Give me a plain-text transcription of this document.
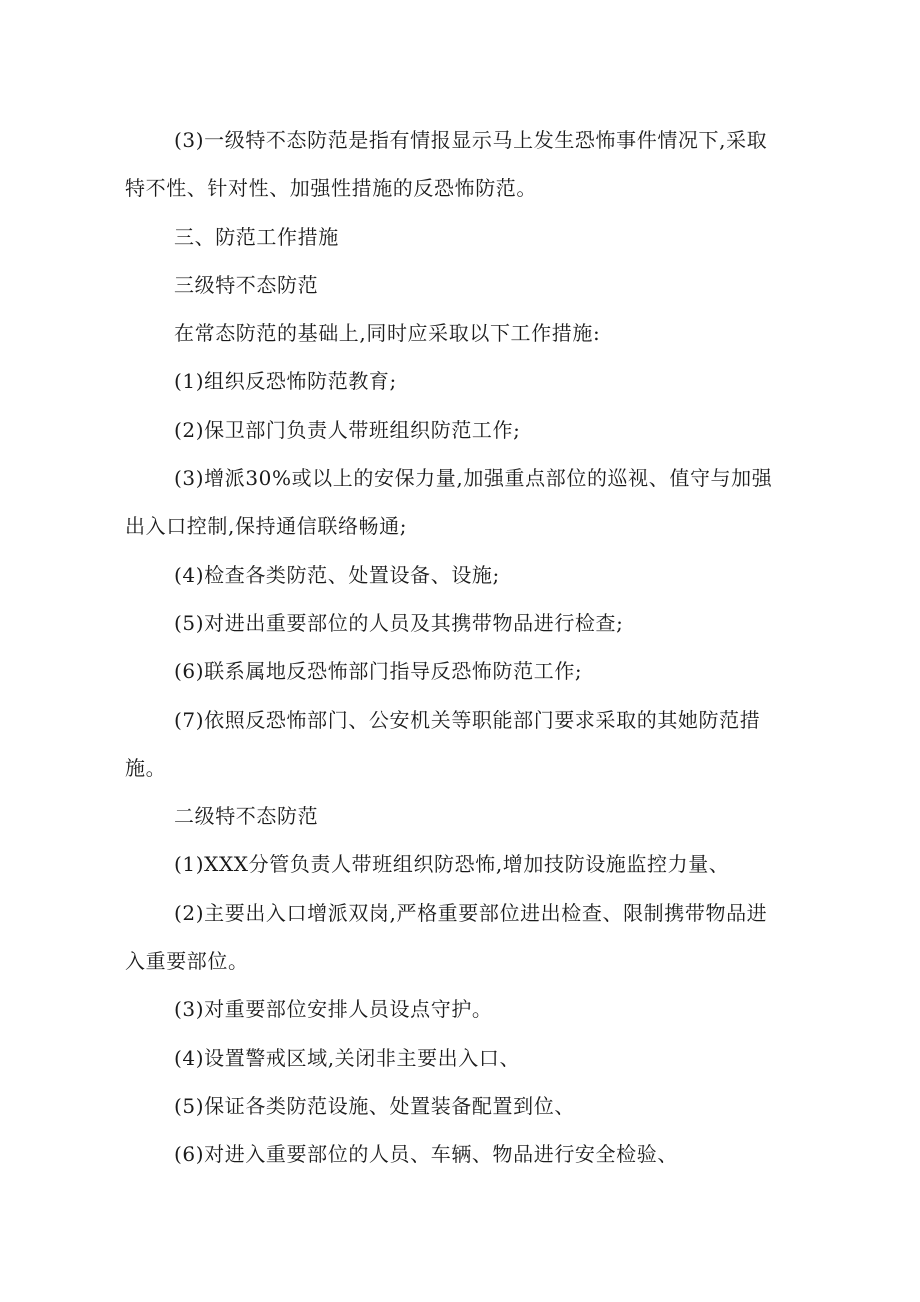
(3)一级特不态防范是指有情报显示马上发生恐怖事件情况下,采取特不性、针对性、加强性措施的反恐怖防范。

三、防范工作措施

三级特不态防范

在常态防范的基础上,同时应采取以下工作措施:

(1)组织反恐怖防范教育;

(2)保卫部门负责人带班组织防范工作;

(3)增派30%或以上的安保力量,加强重点部位的巡视、值守与加强出入口控制,保持通信联络畅通;

(4)检查各类防范、处置设备、设施;

(5)对进出重要部位的人员及其携带物品进行检查;

(6)联系属地反恐怖部门指导反恐怖防范工作;

(7)依照反恐怖部门、公安机关等职能部门要求采取的其她防范措施。

二级特不态防范

(1)XXX分管负责人带班组织防恐怖,增加技防设施监控力量、

(2)主要出入口增派双岗,严格重要部位进出检查、限制携带物品进入重要部位。

(3)对重要部位安排人员设点守护。

(4)设置警戒区域,关闭非主要出入口、

(5)保证各类防范设施、处置装备配置到位、

(6)对进入重要部位的人员、车辆、物品进行安全检验、
